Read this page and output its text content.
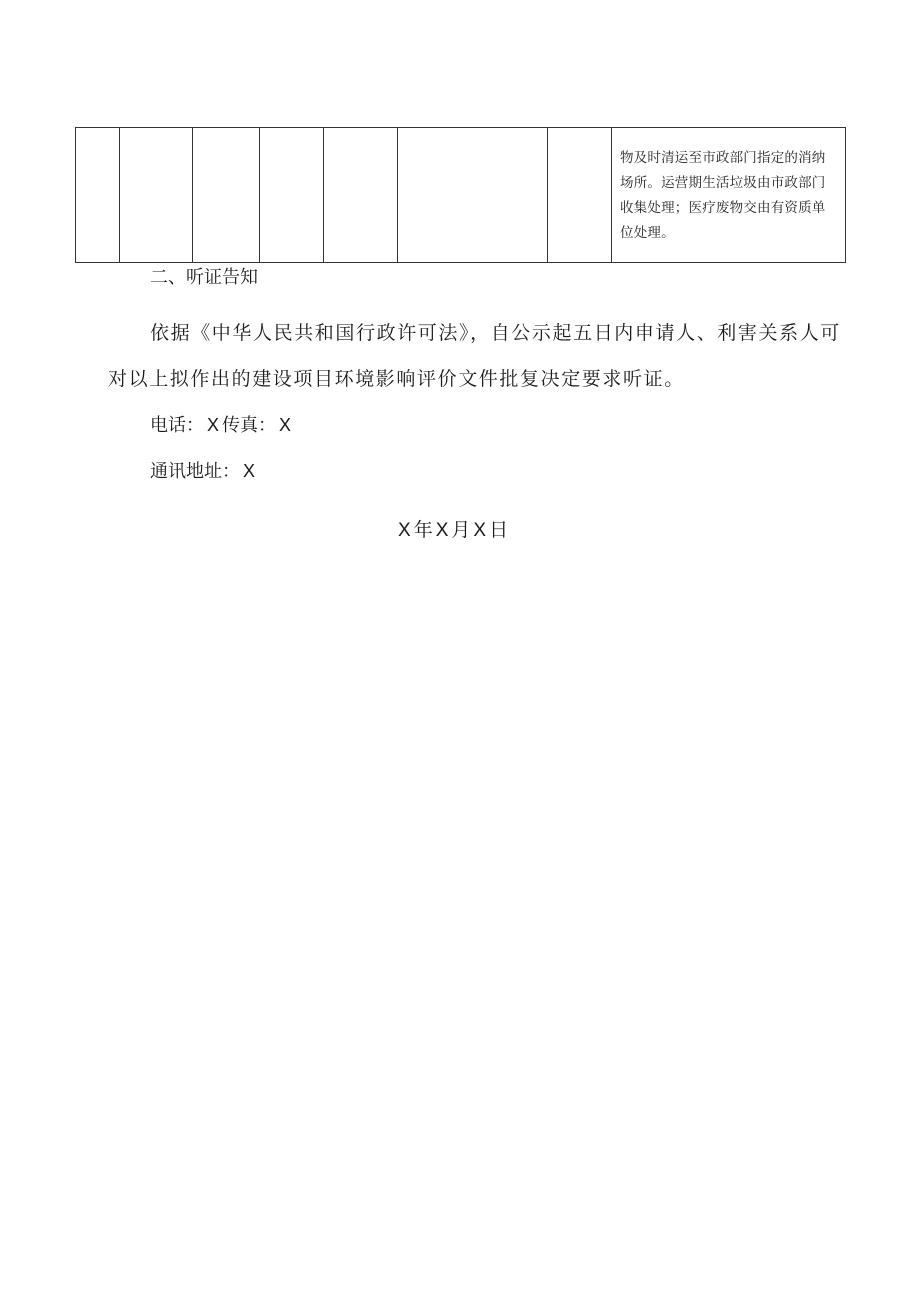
							物及时清运至市政部门指定的消纳场所。运营期生活垃圾由市政部门收集处理；医疗废物交由有资质单位处理。
二、听证告知

依据《中华人民共和国行政许可法》，自公示起五日内申请人、利害关系人可对以上拟作出的建设项目环境影响评价文件批复决定要求听证。

电话： X 传真： X
通讯地址： X
X 年 X 月 X 日
